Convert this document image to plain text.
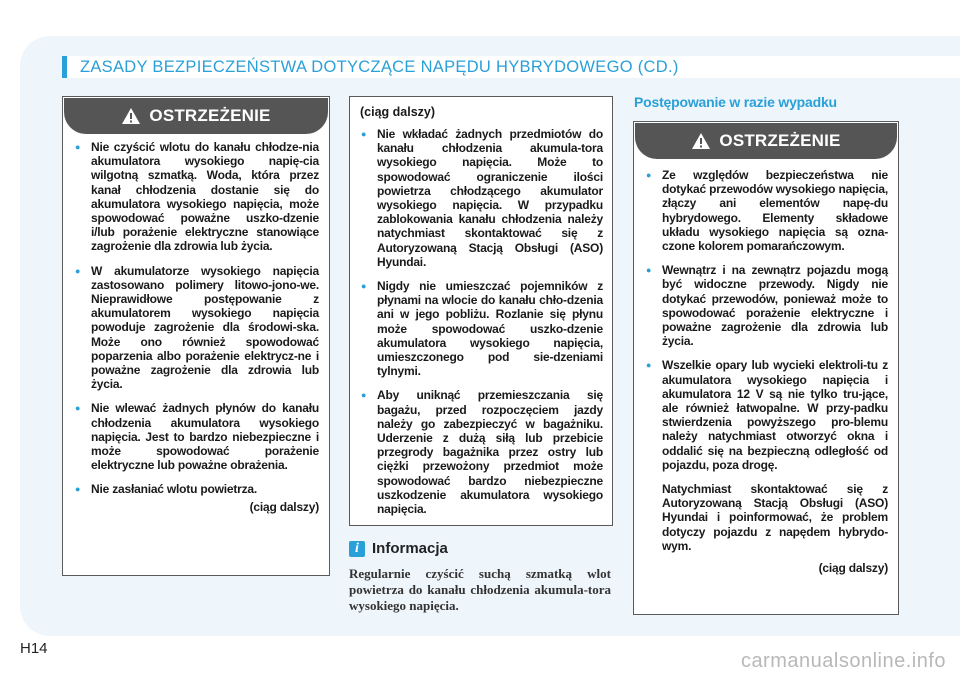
ZASADY BEZPIECZEŃSTWA DOTYCZĄCE NAPĘDU HYBRYDOWEGO (CD.)
OSTRZEŻENIE
● Nie czyścić wlotu do kanału chłodze-nia akumulatora wysokiego napię-cia wilgotną szmatką. Woda, która przez kanał chłodzenia dostanie się do akumulatora wysokiego napięcia, może spowodować poważne uszko-dzenie i/lub porażenie elektryczne stanowiące zagrożenie dla zdrowia lub życia.
● W akumulatorze wysokiego napięcia zastosowano polimery litowo-jono-we. Nieprawidłowe postępowanie z akumulatorem wysokiego napięcia powoduje zagrożenie dla środowi-ska. Może ono również spowodować poparzenia albo porażenie elektrycz-ne i poważne zagrożenie dla zdrowia lub życia.
● Nie wlewać żadnych płynów do kanału chłodzenia akumulatora wysokiego napięcia. Jest to bardzo niebezpieczne i może spowodować porażenie elektryczne lub poważne obrażenia.
● Nie zasłaniać wlotu powietrza.
(ciąg dalszy)
(ciąg dalszy)
● Nie wkładać żadnych przedmiotów do kanału chłodzenia akumula-tora wysokiego napięcia. Może to spowodować ograniczenie ilości powietrza chłodzącego akumulator wysokiego napięcia. W przypadku zablokowania kanału chłodzenia należy natychmiast skontaktować się z Autoryzowaną Stacją Obsługi (ASO) Hyundai.
● Nigdy nie umieszczać pojemników z płynami na wlocie do kanału chło-dzenia ani w jego pobliżu. Rozlanie się płynu może spowodować uszko-dzenie akumulatora wysokiego napięcia, umieszczonego pod sie-dzeniami tylnymi.
● Aby uniknąć przemieszczania się bagażu, przed rozpoczęciem jazdy należy go zabezpieczyć w bagażniku. Uderzenie z dużą siłą lub przebicie przegrody bagażnika przez ostry lub ciężki przewożony przedmiot może spowodować bardzo niebezpieczne uszkodzenie akumulatora wysokiego napięcia.
i Informacja
Regularnie czyścić suchą szmatką wlot powietrza do kanału chłodzenia akumula-tora wysokiego napięcia.
Postępowanie w razie wypadku
OSTRZEŻENIE
● Ze względów bezpieczeństwa nie dotykać przewodów wysokiego napięcia, złączy ani elementów napę-du hybrydowego. Elementy składowe układu wysokiego napięcia są ozna-czone kolorem pomarańczowym.
● Wewnątrz i na zewnątrz pojazdu mogą być widoczne przewody. Nigdy nie dotykać przewodów, ponieważ może to spowodować porażenie elektryczne i poważne zagrożenie dla zdrowia lub życia.
● Wszelkie opary lub wycieki elektroli-tu z akumulatora wysokiego napięcia i akumulatora 12 V są nie tylko tru-jące, ale również łatwopalne. W przy-padku stwierdzenia powyższego pro-blemu należy natychmiast otworzyć okna i oddalić się na bezpieczną odległość od pojazdu, poza drogę.
Natychmiast skontaktować się z Autoryzowaną Stacją Obsługi (ASO) Hyundai i poinformować, że problem dotyczy pojazdu z napędem hybrydo-wym.
(ciąg dalszy)
H14
carmanualsonline.info
